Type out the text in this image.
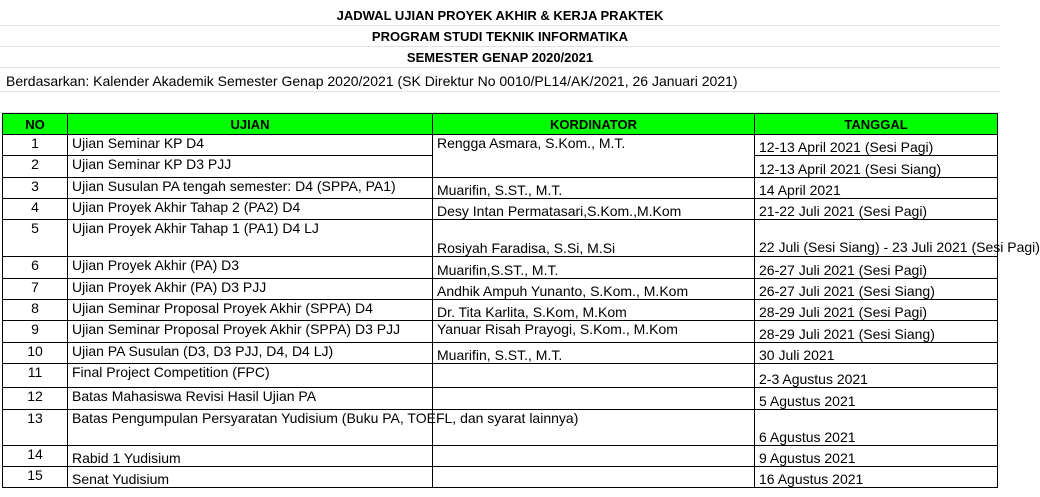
JADWAL UJIAN PROYEK AKHIR & KERJA PRAKTEK
PROGRAM STUDI TEKNIK INFORMATIKA
SEMESTER GENAP 2020/2021
Berdasarkan: Kalender Akademik Semester Genap 2020/2021 (SK Direktur No 0010/PL14/AK/2021, 26 Januari 2021)
NO	UJIAN	KORDINATOR	TANGGAL
1	Ujian Seminar KP D4	Rengga Asmara, S.Kom., M.T.	12-13 April 2021 (Sesi Pagi)
2	Ujian Seminar KP D3 PJJ		12-13 April 2021 (Sesi Siang)
3	Ujian Susulan PA tengah semester: D4 (SPPA, PA1)	Muarifin, S.ST., M.T.	14 April 2021
4	Ujian Proyek Akhir Tahap 2 (PA2) D4	Desy Intan Permatasari,S.Kom.,M.Kom	21-22 Juli 2021 (Sesi Pagi)
5	Ujian Proyek Akhir Tahap 1 (PA1) D4 LJ	Rosiyah Faradisa, S.Si, M.Si	22 Juli (Sesi Siang) - 23 Juli 2021 (Sesi Pagi)
6	Ujian Proyek Akhir (PA) D3	Muarifin,S.ST., M.T.	26-27 Juli 2021 (Sesi Pagi)
7	Ujian Proyek Akhir (PA) D3 PJJ	Andhik Ampuh Yunanto, S.Kom., M.Kom	26-27 Juli 2021 (Sesi Siang)
8	Ujian Seminar Proposal Proyek Akhir (SPPA) D4	Dr. Tita Karlita, S.Kom, M.Kom	28-29 Juli 2021 (Sesi Pagi)
9	Ujian Seminar Proposal Proyek Akhir (SPPA) D3 PJJ	Yanuar Risah Prayogi, S.Kom., M.Kom	28-29 Juli 2021 (Sesi Siang)
10	Ujian PA Susulan (D3, D3 PJJ, D4, D4 LJ)	Muarifin, S.ST., M.T.	30 Juli 2021
11	Final Project Competition (FPC)		2-3 Agustus 2021
12	Batas Mahasiswa Revisi Hasil Ujian PA		5 Agustus 2021
13	Batas Pengumpulan Persyaratan Yudisium (Buku PA, TOEFL, dan syarat lainnya)		6 Agustus 2021
14	Rabid 1 Yudisium		9 Agustus 2021
15	Senat Yudisium		16 Agustus 2021
